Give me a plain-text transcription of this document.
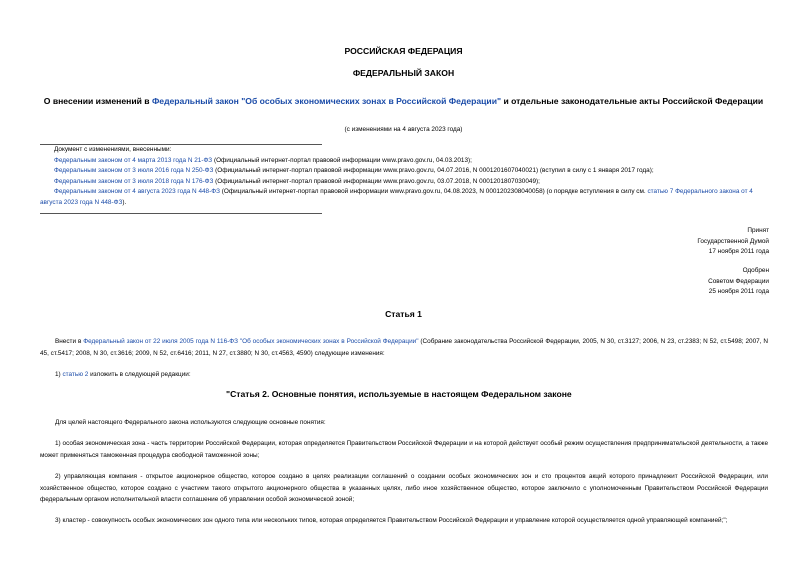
РОССИЙСКАЯ ФЕДЕРАЦИЯ
ФЕДЕРАЛЬНЫЙ ЗАКОН
О внесении изменений в Федеральный закон "Об особых экономических зонах в Российской Федерации" и отдельные законодательные акты Российской Федерации
(с изменениями на 4 августа 2023 года)
Документ с изменениями, внесенными:
Федеральным законом от 4 марта 2013 года N 21-ФЗ (Официальный интернет-портал правовой информации www.pravo.gov.ru, 04.03.2013);
Федеральным законом от 3 июля 2016 года N 250-ФЗ (Официальный интернет-портал правовой информации www.pravo.gov.ru, 04.07.2016, N 0001201607040021) (вступил в силу с 1 января 2017 года);
Федеральным законом от 3 июля 2018 года N 176-ФЗ (Официальный интернет-портал правовой информации www.pravo.gov.ru, 03.07.2018, N 0001201807030049);
Федеральным законом от 4 августа 2023 года N 448-ФЗ (Официальный интернет-портал правовой информации www.pravo.gov.ru, 04.08.2023, N 0001202308040058) (о порядке вступления в силу см. статью 7 Федерального закона от 4 августа 2023 года N 448-ФЗ).
Принят
Государственной Думой
17 ноября 2011 года
Одобрен
Советом Федерации
25 ноября 2011 года
Статья 1
Внести в Федеральный закон от 22 июля 2005 года N 116-ФЗ "Об особых экономических зонах в Российской Федерации" (Собрание законодательства Российской Федерации, 2005, N 30, ст.3127; 2006, N 23, ст.2383; N 52, ст.5498; 2007, N 45, ст.5417; 2008, N 30, ст.3616; 2009, N 52, ст.6416; 2011, N 27, ст.3880; N 30, ст.4563, 4590) следующие изменения:
1) статью 2 изложить в следующей редакции:
"Статья 2. Основные понятия, используемые в настоящем Федеральном законе
Для целей настоящего Федерального закона используются следующие основные понятия:
1) особая экономическая зона - часть территории Российской Федерации, которая определяется Правительством Российской Федерации и на которой действует особый режим осуществления предпринимательской деятельности, а также может применяться таможенная процедура свободной таможенной зоны;
2) управляющая компания - открытое акционерное общество, которое создано в целях реализации соглашений о создании особых экономических зон и сто процентов акций которого принадлежит Российской Федерации, или хозяйственное общество, которое создано с участием такого открытого акционерного общества в указанных целях, либо иное хозяйственное общество, которое заключило с уполномоченным Правительством Российской Федерации федеральным органом исполнительной власти соглашение об управлении особой экономической зоной;
3) кластер - совокупность особых экономических зон одного типа или нескольких типов, которая определяется Правительством Российской Федерации и управление которой осуществляется одной управляющей компанией;";
